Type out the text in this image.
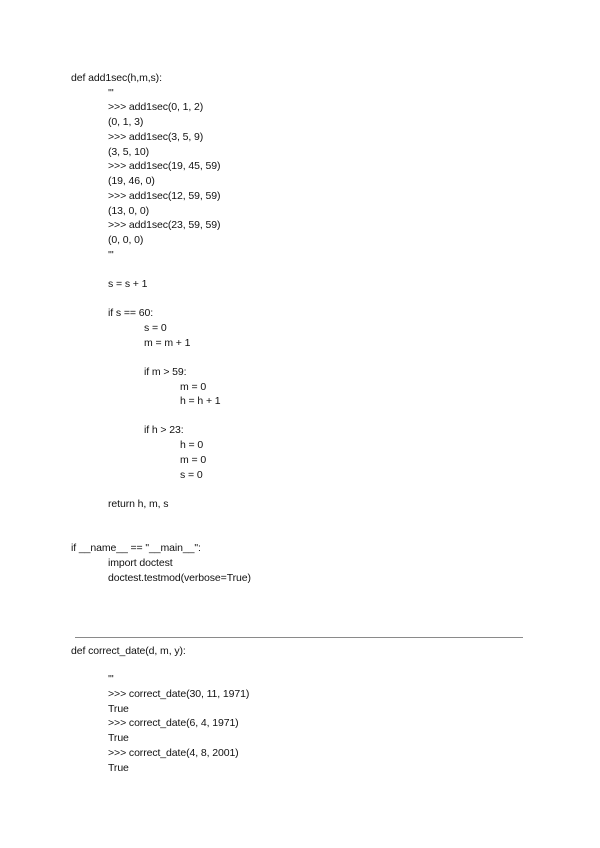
def add1sec(h,m,s):
'''
>>> add1sec(0, 1, 2)
(0, 1, 3)
>>> add1sec(3, 5, 9)
(3, 5, 10)
>>> add1sec(19, 45, 59)
(19, 46, 0)
>>> add1sec(12, 59, 59)
(13, 0, 0)
>>> add1sec(23, 59, 59)
(0, 0, 0)
'''
s = s + 1
if s == 60:
s = 0
m = m + 1
if m > 59:
m = 0
h = h + 1
if h > 23:
h = 0
m = 0
s = 0
return h, m, s
if __name__ == "__main__":
import doctest
doctest.testmod(verbose=True)
def correct_date(d, m, y):
'''
>>> correct_date(30, 11, 1971)
True
>>> correct_date(6, 4, 1971)
True
>>> correct_date(4, 8, 2001)
True
